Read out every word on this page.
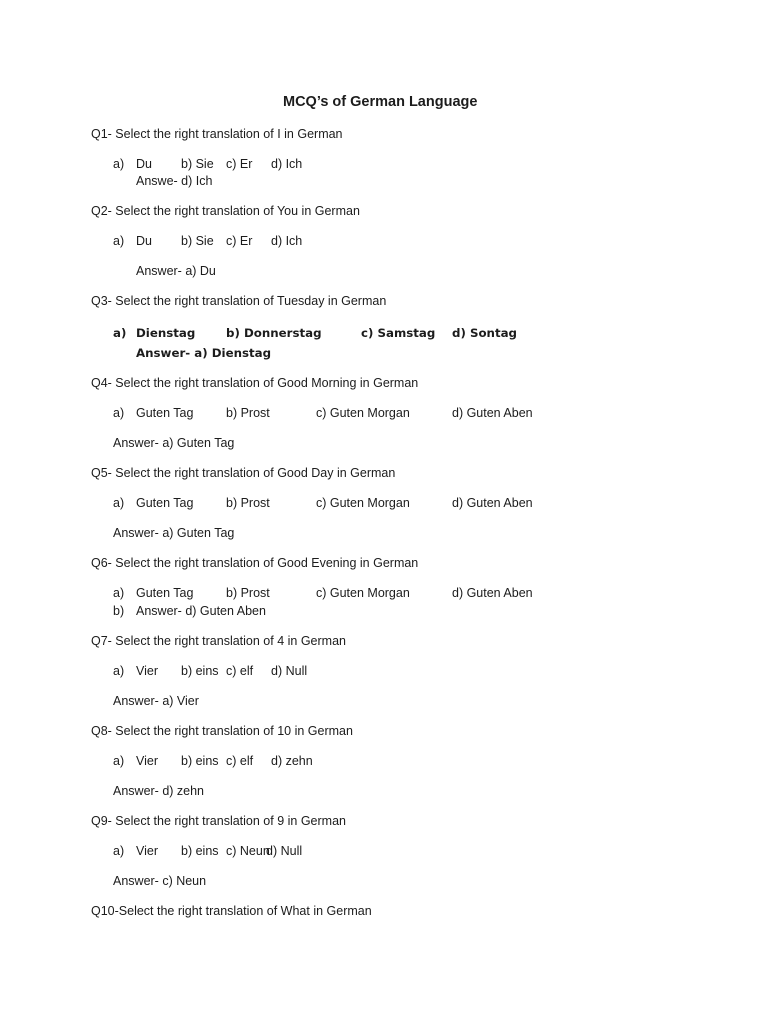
MCQ’s of German Language
Q1- Select the right translation of I in German
a) Du b) Sie c) Er d) Ich
Answe- d) Ich
Q2- Select the right translation of You in German
a) Du b) Sie c) Er d) Ich
Answer- a) Du
Q3- Select the right translation of Tuesday in German
a) Dienstag	b) Donnerstag	c) Samstag d) Sontag
Answer- a) Dienstag
Q4- Select the right translation of Good Morning in German
a) Guten Tag	b) Prost	c) Guten Morgan	d) Guten Aben
Answer- a) Guten Tag
Q5- Select the right translation of Good Day in German
a) Guten Tag	b) Prost	c) Guten Morgan	d) Guten Aben
Answer- a) Guten Tag
Q6- Select the right translation of Good Evening in German
a) Guten Tag	b) Prost	c) Guten Morgan	d) Guten Aben
b) Answer- d) Guten Aben
Q7- Select the right translation of 4 in German
a) Vier b) eins c) elf d) Null
Answer- a) Vier
Q8- Select the right translation of 10 in German
a) Vier b) eins c) elf d) zehn
Answer- d) zehn
Q9- Select the right translation of 9 in German
a) Vier b) eins c) Neun
d) Null
Answer- c) Neun
Q10-Select the right translation of What in German
